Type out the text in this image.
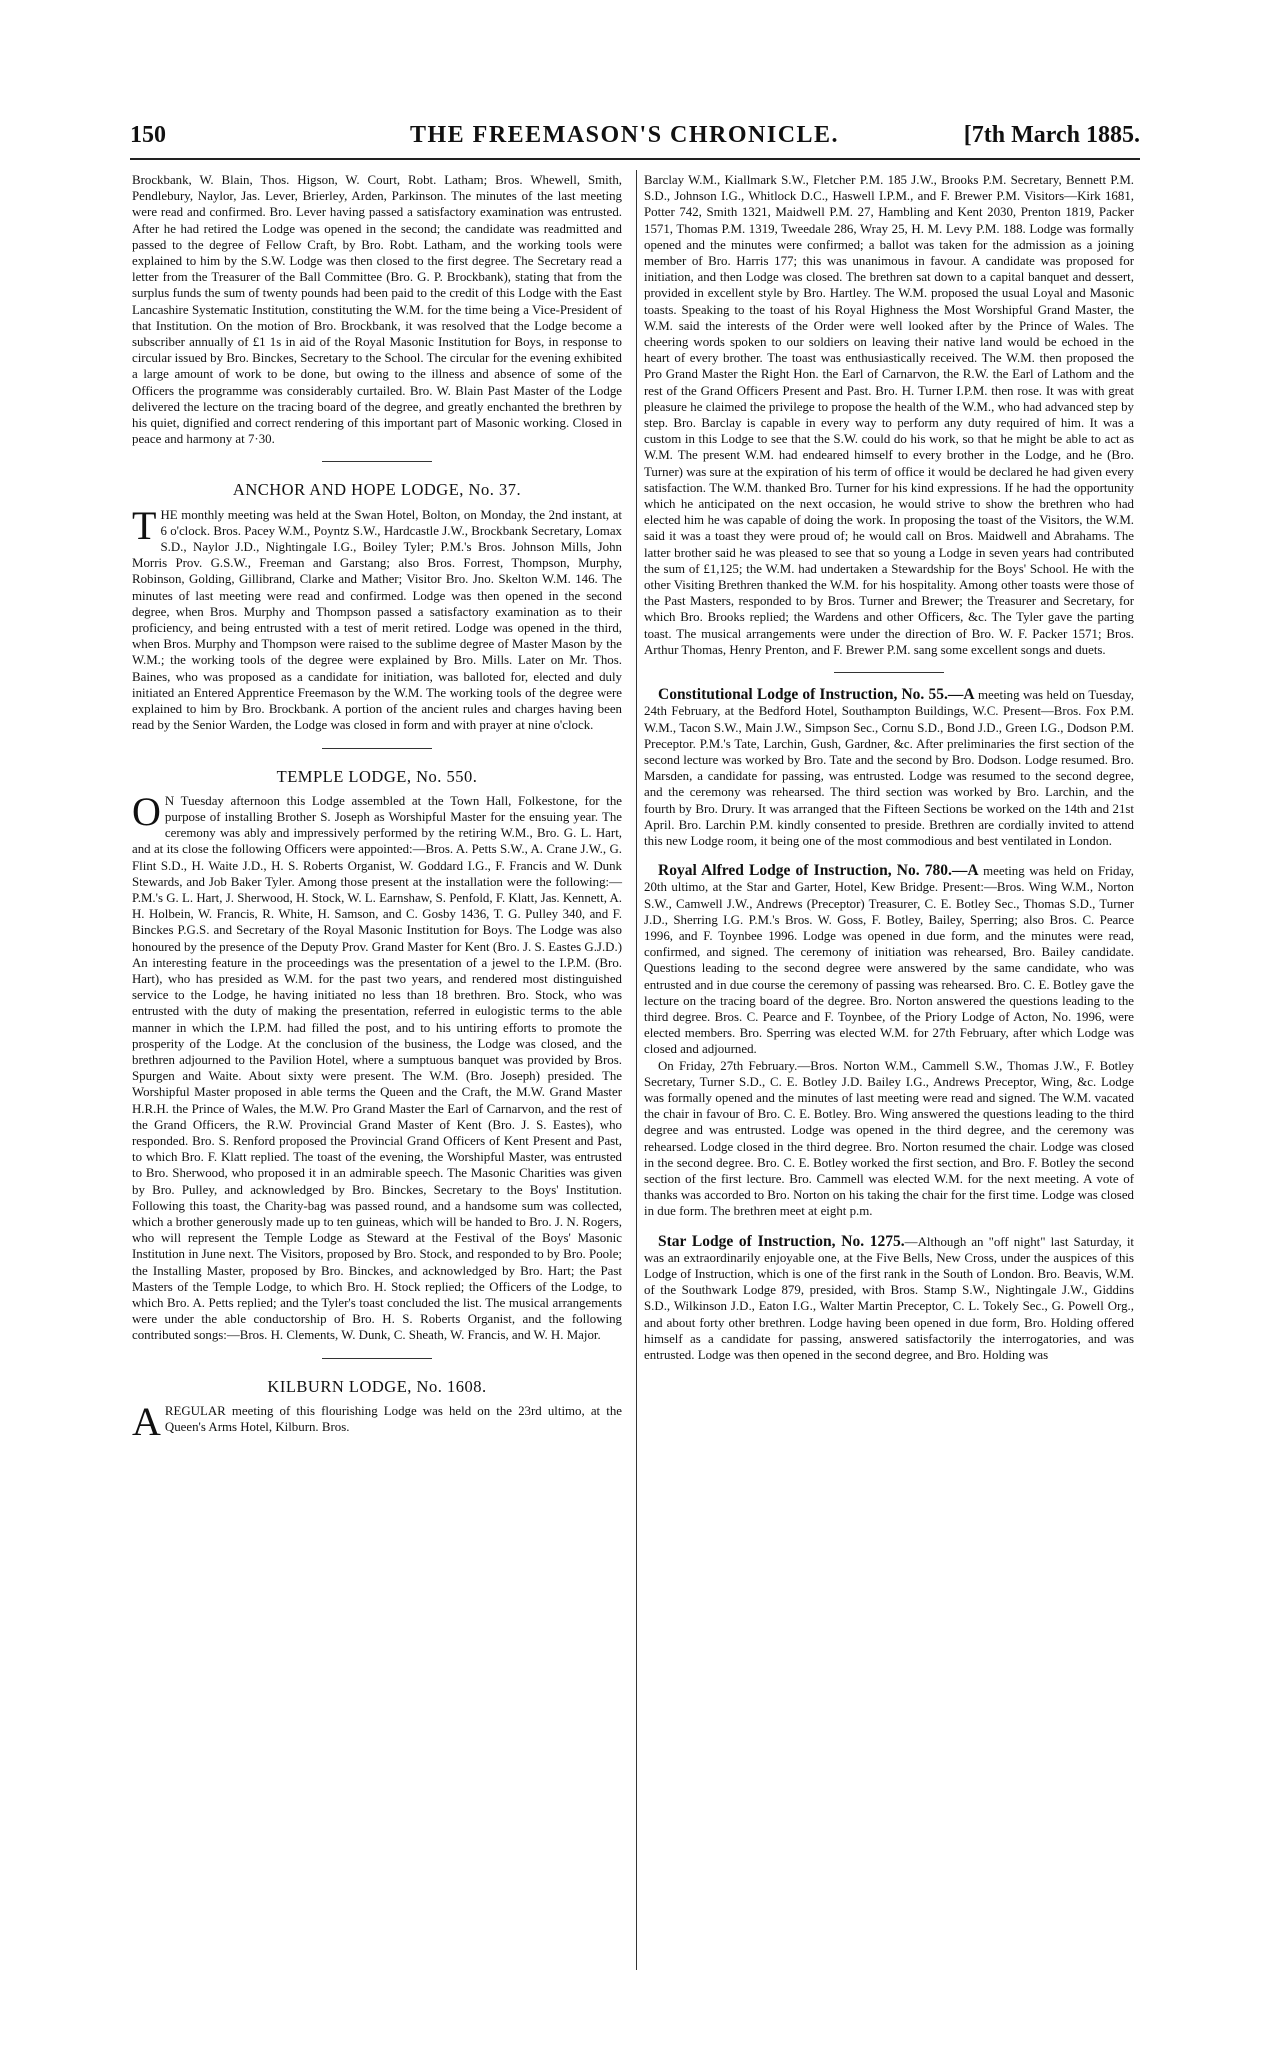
150	THE FREEMASON'S CHRONICLE.	[7th March 1885.

Brockbank, W. Blain, Thos. Higson, W. Court, Robt. Latham; Bros. Whewell, Smith, Pendlebury, Naylor, Jas. Lever, Brierley, Arden, Parkinson. The minutes of the last meeting were read and confirmed. Bro. Lever having passed a satisfactory examination was entrusted. After he had retired the Lodge was opened in the second; the candidate was readmitted and passed to the degree of Fellow Craft, by Bro. Robt. Latham, and the working tools were explained to him by the S.W. Lodge was then closed to the first degree. The Secretary read a letter from the Treasurer of the Ball Committee (Bro. G. P. Brockbank), stating that from the surplus funds the sum of twenty pounds had been paid to the credit of this Lodge with the East Lancashire Systematic Institution, constituting the W.M. for the time being a Vice-President of that Institution. On the motion of Bro. Brockbank, it was resolved that the Lodge become a subscriber annually of £1 1s in aid of the Royal Masonic Institution for Boys, in response to circular issued by Bro. Binckes, Secretary to the School. The circular for the evening exhibited a large amount of work to be done, but owing to the illness and absence of some of the Officers the programme was considerably curtailed. Bro. W. Blain Past Master of the Lodge delivered the lecture on the tracing board of the degree, and greatly enchanted the brethren by his quiet, dignified and correct rendering of this important part of Masonic working. Closed in peace and harmony at 7·30.

ANCHOR AND HOPE LODGE, No. 37.

THE monthly meeting was held at the Swan Hotel, Bolton, on Monday, the 2nd instant, at 6 o'clock. Bros. Pacey W.M., Poyntz S.W., Hardcastle J.W., Brockbank Secretary, Lomax S.D., Naylor J.D., Nightingale I.G., Boiley Tyler; P.M.'s Bros. Johnson Mills, John Morris Prov. G.S.W., Freeman and Garstang; also Bros. Forrest, Thompson, Murphy, Robinson, Golding, Gillibrand, Clarke and Mather; Visitor Bro. Jno. Skelton W.M. 146. The minutes of last meeting were read and confirmed. Lodge was then opened in the second degree, when Bros. Murphy and Thompson passed a satisfactory examination as to their proficiency, and being entrusted with a test of merit retired. Lodge was opened in the third, when Bros. Murphy and Thompson were raised to the sublime degree of Master Mason by the W.M.; the working tools of the degree were explained by Bro. Mills. Later on Mr. Thos. Baines, who was proposed as a candidate for initiation, was balloted for, elected and duly initiated an Entered Apprentice Freemason by the W.M. The working tools of the degree were explained to him by Bro. Brockbank. A portion of the ancient rules and charges having been read by the Senior Warden, the Lodge was closed in form and with prayer at nine o'clock.

TEMPLE LODGE, No. 550.

O N Tuesday afternoon this Lodge assembled at the Town Hall, Folkestone, for the purpose of installing Brother S. Joseph as Worshipful Master for the ensuing year. The ceremony was ably and impressively performed by the retiring W.M., Bro. G. L. Hart, and at its close the following Officers were appointed:—Bros. A. Petts S.W., A. Crane J.W., G. Flint S.D., H. Waite J.D., H. S. Roberts Organist, W. Goddard I.G., F. Francis and W. Dunk Stewards, and Job Baker Tyler. Among those present at the installation were the following:—P.M.'s G. L. Hart, J. Sherwood, H. Stock, W. L. Earnshaw, S. Penfold, F. Klatt, Jas. Kennett, A. H. Holbein, W. Francis, R. White, H. Samson, and C. Gosby 1436, T. G. Pulley 340, and F. Binckes P.G.S. and Secretary of the Royal Masonic Institution for Boys. The Lodge was also honoured by the presence of the Deputy Prov. Grand Master for Kent (Bro. J. S. Eastes G.J.D.) An interesting feature in the proceedings was the presentation of a jewel to the I.P.M. (Bro. Hart), who has presided as W.M. for the past two years, and rendered most distinguished service to the Lodge, he having initiated no less than 18 brethren. Bro. Stock, who was entrusted with the duty of making the presentation, referred in eulogistic terms to the able manner in which the I.P.M. had filled the post, and to his untiring efforts to promote the prosperity of the Lodge. At the conclusion of the business, the Lodge was closed, and the brethren adjourned to the Pavilion Hotel, where a sumptuous banquet was provided by Bros. Spurgen and Waite. About sixty were present. The W.M. (Bro. Joseph) presided. The Worshipful Master proposed in able terms the Queen and the Craft, the M.W. Grand Master H.R.H. the Prince of Wales, the M.W. Pro Grand Master the Earl of Carnarvon, and the rest of the Grand Officers, the R.W. Provincial Grand Master of Kent (Bro. J. S. Eastes), who responded. Bro. S. Renford proposed the Provincial Grand Officers of Kent Present and Past, to which Bro. F. Klatt replied. The toast of the evening, the Worshipful Master, was entrusted to Bro. Sherwood, who proposed it in an admirable speech. The Masonic Charities was given by Bro. Pulley, and acknowledged by Bro. Binckes, Secretary to the Boys' Institution. Following this toast, the Charity-bag was passed round, and a handsome sum was collected, which a brother generously made up to ten guineas, which will be handed to Bro. J. N. Rogers, who will represent the Temple Lodge as Steward at the Festival of the Boys' Masonic Institution in June next. The Visitors, proposed by Bro. Stock, and responded to by Bro. Poole; the Installing Master, proposed by Bro. Binckes, and acknowledged by Bro. Hart; the Past Masters of the Temple Lodge, to which Bro. H. Stock replied; the Officers of the Lodge, to which Bro. A. Petts replied; and the Tyler's toast concluded the list. The musical arrangements were under the able conductorship of Bro. H. S. Roberts Organist, and the following contributed songs:—Bros. H. Clements, W. Dunk, C. Sheath, W. Francis, and W. H. Major.

KILBURN LODGE, No. 1608.

AREGULAR meeting of this flourishing Lodge was held on the 23rd ultimo, at the Queen's Arms Hotel, Kilburn. Bros.

Barclay W.M., Kiallmark S.W., Fletcher P.M. 185 J.W., Brooks P.M. Secretary, Bennett P.M. S.D., Johnson I.G., Whitlock D.C., Haswell I.P.M., and F. Brewer P.M. Visitors—Kirk 1681, Potter 742, Smith 1321, Maidwell P.M. 27, Hambling and Kent 2030, Prenton 1819, Packer 1571, Thomas P.M. 1319, Tweedale 286, Wray 25, H. M. Levy P.M. 188. Lodge was formally opened and the minutes were confirmed; a ballot was taken for the admission as a joining member of Bro. Harris 177; this was unanimous in favour. A candidate was proposed for initiation, and then Lodge was closed. The brethren sat down to a capital banquet and dessert, provided in excellent style by Bro. Hartley. The W.M. proposed the usual Loyal and Masonic toasts. Speaking to the toast of his Royal Highness the Most Worshipful Grand Master, the W.M. said the interests of the Order were well looked after by the Prince of Wales. The cheering words spoken to our soldiers on leaving their native land would be echoed in the heart of every brother. The toast was enthusiastically received. The W.M. then proposed the Pro Grand Master the Right Hon. the Earl of Carnarvon, the R.W. the Earl of Lathom and the rest of the Grand Officers Present and Past. Bro. H. Turner I.P.M. then rose. It was with great pleasure he claimed the privilege to propose the health of the W.M., who had advanced step by step. Bro. Barclay is capable in every way to perform any duty required of him. It was a custom in this Lodge to see that the S.W. could do his work, so that he might be able to act as W.M. The present W.M. had endeared himself to every brother in the Lodge, and he (Bro. Turner) was sure at the expiration of his term of office it would be declared he had given every satisfaction. The W.M. thanked Bro. Turner for his kind expressions. If he had the opportunity which he anticipated on the next occasion, he would strive to show the brethren who had elected him he was capable of doing the work. In proposing the toast of the Visitors, the W.M. said it was a toast they were proud of; he would call on Bros. Maidwell and Abrahams. The latter brother said he was pleased to see that so young a Lodge in seven years had contributed the sum of £1,125; the W.M. had undertaken a Stewardship for the Boys' School. He with the other Visiting Brethren thanked the W.M. for his hospitality. Among other toasts were those of the Past Masters, responded to by Bros. Turner and Brewer; the Treasurer and Secretary, for which Bro. Brooks replied; the Wardens and other Officers, &c. The Tyler gave the parting toast. The musical arrangements were under the direction of Bro. W. F. Packer 1571; Bros. Arthur Thomas, Henry Prenton, and F. Brewer P.M. sang some excellent songs and duets.

Constitutional Lodge of Instruction, No. 55.—A meeting was held on Tuesday, 24th February, at the Bedford Hotel, Southampton Buildings, W.C. Present—Bros. Fox P.M. W.M., Tacon S.W., Main J.W., Simpson Sec., Cornu S.D., Bond J.D., Green I.G., Dodson P.M. Preceptor. P.M.'s Tate, Larchin, Gush, Gardner, &c. After preliminaries the first section of the second lecture was worked by Bro. Tate and the second by Bro. Dodson. Lodge resumed. Bro. Marsden, a candidate for passing, was entrusted. Lodge was resumed to the second degree, and the ceremony was rehearsed. The third section was worked by Bro. Larchin, and the fourth by Bro. Drury. It was arranged that the Fifteen Sections be worked on the 14th and 21st April. Bro. Larchin P.M. kindly consented to preside. Brethren are cordially invited to attend this new Lodge room, it being one of the most commodious and best ventilated in London.

Royal Alfred Lodge of Instruction, No. 780.—A meeting was held on Friday, 20th ultimo, at the Star and Garter, Hotel, Kew Bridge. Present:—Bros. Wing W.M., Norton S.W., Camwell J.W., Andrews (Preceptor) Treasurer, C. E. Botley Sec., Thomas S.D., Turner J.D., Sherring I.G. P.M.'s Bros. W. Goss, F. Botley, Bailey, Sperring; also Bros. C. Pearce 1996, and F. Toynbee 1996. Lodge was opened in due form, and the minutes were read, confirmed, and signed. The ceremony of initiation was rehearsed, Bro. Bailey candidate. Questions leading to the second degree were answered by the same candidate, who was entrusted and in due course the ceremony of passing was rehearsed. Bro. C. E. Botley gave the lecture on the tracing board of the degree. Bro. Norton answered the questions leading to the third degree. Bros. C. Pearce and F. Toynbee, of the Priory Lodge of Acton, No. 1996, were elected members. Bro. Sperring was elected W.M. for 27th February, after which Lodge was closed and adjourned.

On Friday, 27th February.—Bros. Norton W.M., Cammell S.W., Thomas J.W., F. Botley Secretary, Turner S.D., C. E. Botley J.D. Bailey I.G., Andrews Preceptor, Wing, &c. Lodge was formally opened and the minutes of last meeting were read and signed. The W.M. vacated the chair in favour of Bro. C. E. Botley. Bro. Wing answered the questions leading to the third degree and was entrusted. Lodge was opened in the third degree, and the ceremony was rehearsed. Lodge closed in the third degree. Bro. Norton resumed the chair. Lodge was closed in the second degree. Bro. C. E. Botley worked the first section, and Bro. F. Botley the second section of the first lecture. Bro. Cammell was elected W.M. for the next meeting. A vote of thanks was accorded to Bro. Norton on his taking the chair for the first time. Lodge was closed in due form. The brethren meet at eight p.m.

Star Lodge of Instruction, No. 1275.—Although an "off night" last Saturday, it was an extraordinarily enjoyable one, at the Five Bells, New Cross, under the auspices of this Lodge of Instruction, which is one of the first rank in the South of London. Bro. Beavis, W.M. of the Southwark Lodge 879, presided, with Bros. Stamp S.W., Nightingale J.W., Giddins S.D., Wilkinson J.D., Eaton I.G., Walter Martin Preceptor, C. L. Tokely Sec., G. Powell Org., and about forty other brethren. Lodge having been opened in due form, Bro. Holding offered himself as a candidate for passing, answered satisfactorily the interrogatories, and was entrusted. Lodge was then opened in the second degree, and Bro. Holding was
